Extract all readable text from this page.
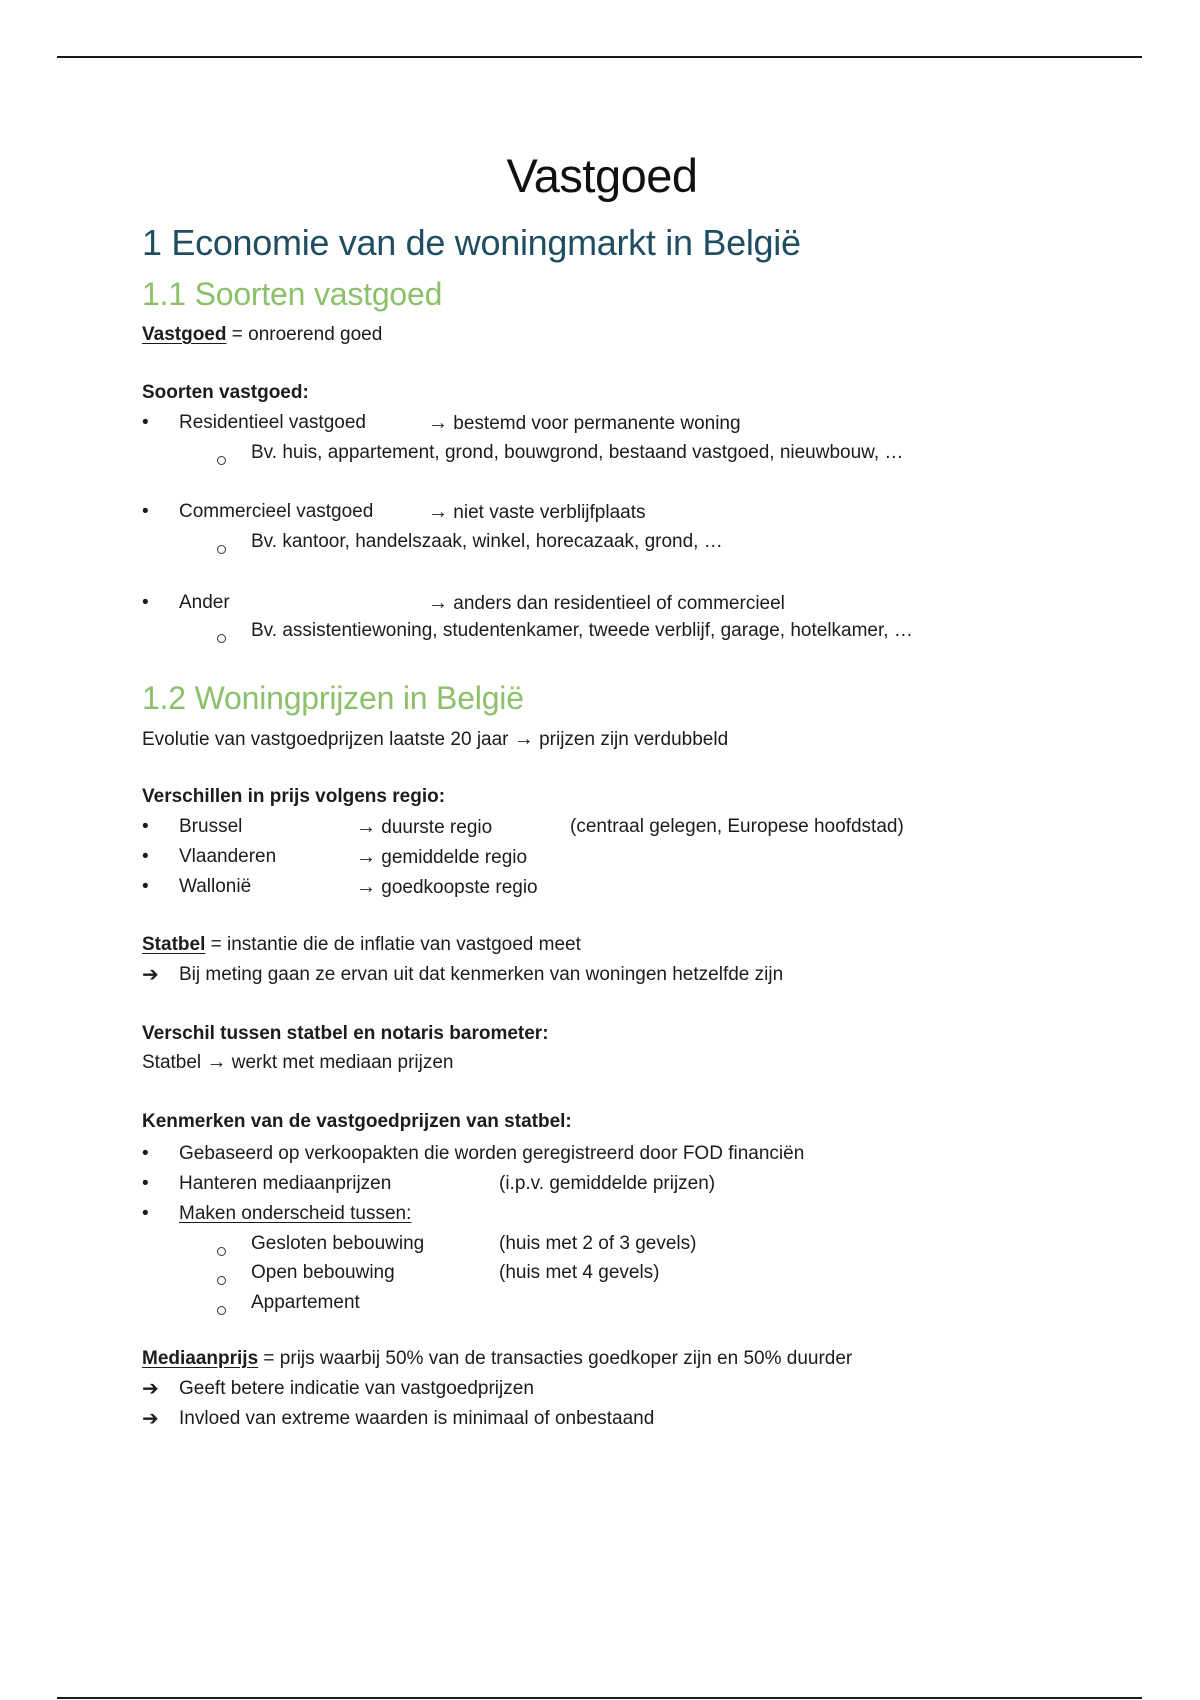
Vastgoed
1 Economie van de woningmarkt in België
1.1 Soorten vastgoed
Vastgoed = onroerend goed
Soorten vastgoed:
• Residentieel vastgoed	→ bestemd voor permanente woning
Bv. huis, appartement, grond, bouwgrond, bestaand vastgoed, nieuwbouw, …
• Commercieel vastgoed	→ niet vaste verblijfplaats
Bv. kantoor, handelszaak, winkel, horecazaak, grond, …
• Ander	→ anders dan residentieel of commercieel
Bv. assistentiewoning, studentenkamer, tweede verblijf, garage, hotelkamer, …
1.2 Woningprijzen in België
Evolutie van vastgoedprijzen laatste 20 jaar → prijzen zijn verdubbeld
Verschillen in prijs volgens regio:
• Brussel	→ duurste regio	(centraal gelegen, Europese hoofdstad)
• Vlaanderen	→ gemiddelde regio
• Wallonië	→ goedkoopste regio
Statbel = instantie die de inflatie van vastgoed meet
➔ Bij meting gaan ze ervan uit dat kenmerken van woningen hetzelfde zijn
Verschil tussen statbel en notaris barometer:
Statbel → werkt met mediaan prijzen
Kenmerken van de vastgoedprijzen van statbel:
• Gebaseerd op verkoopakten die worden geregistreerd door FOD financiën
• Hanteren mediaanprijzen	(i.p.v. gemiddelde prijzen)
• Maken onderscheid tussen:
Gesloten bebouwing	(huis met 2 of 3 gevels)
Open bebouwing	(huis met 4 gevels)
Appartement
Mediaanprijs = prijs waarbij 50% van de transacties goedkoper zijn en 50% duurder
➔ Geeft betere indicatie van vastgoedprijzen
➔ Invloed van extreme waarden is minimaal of onbestaand
